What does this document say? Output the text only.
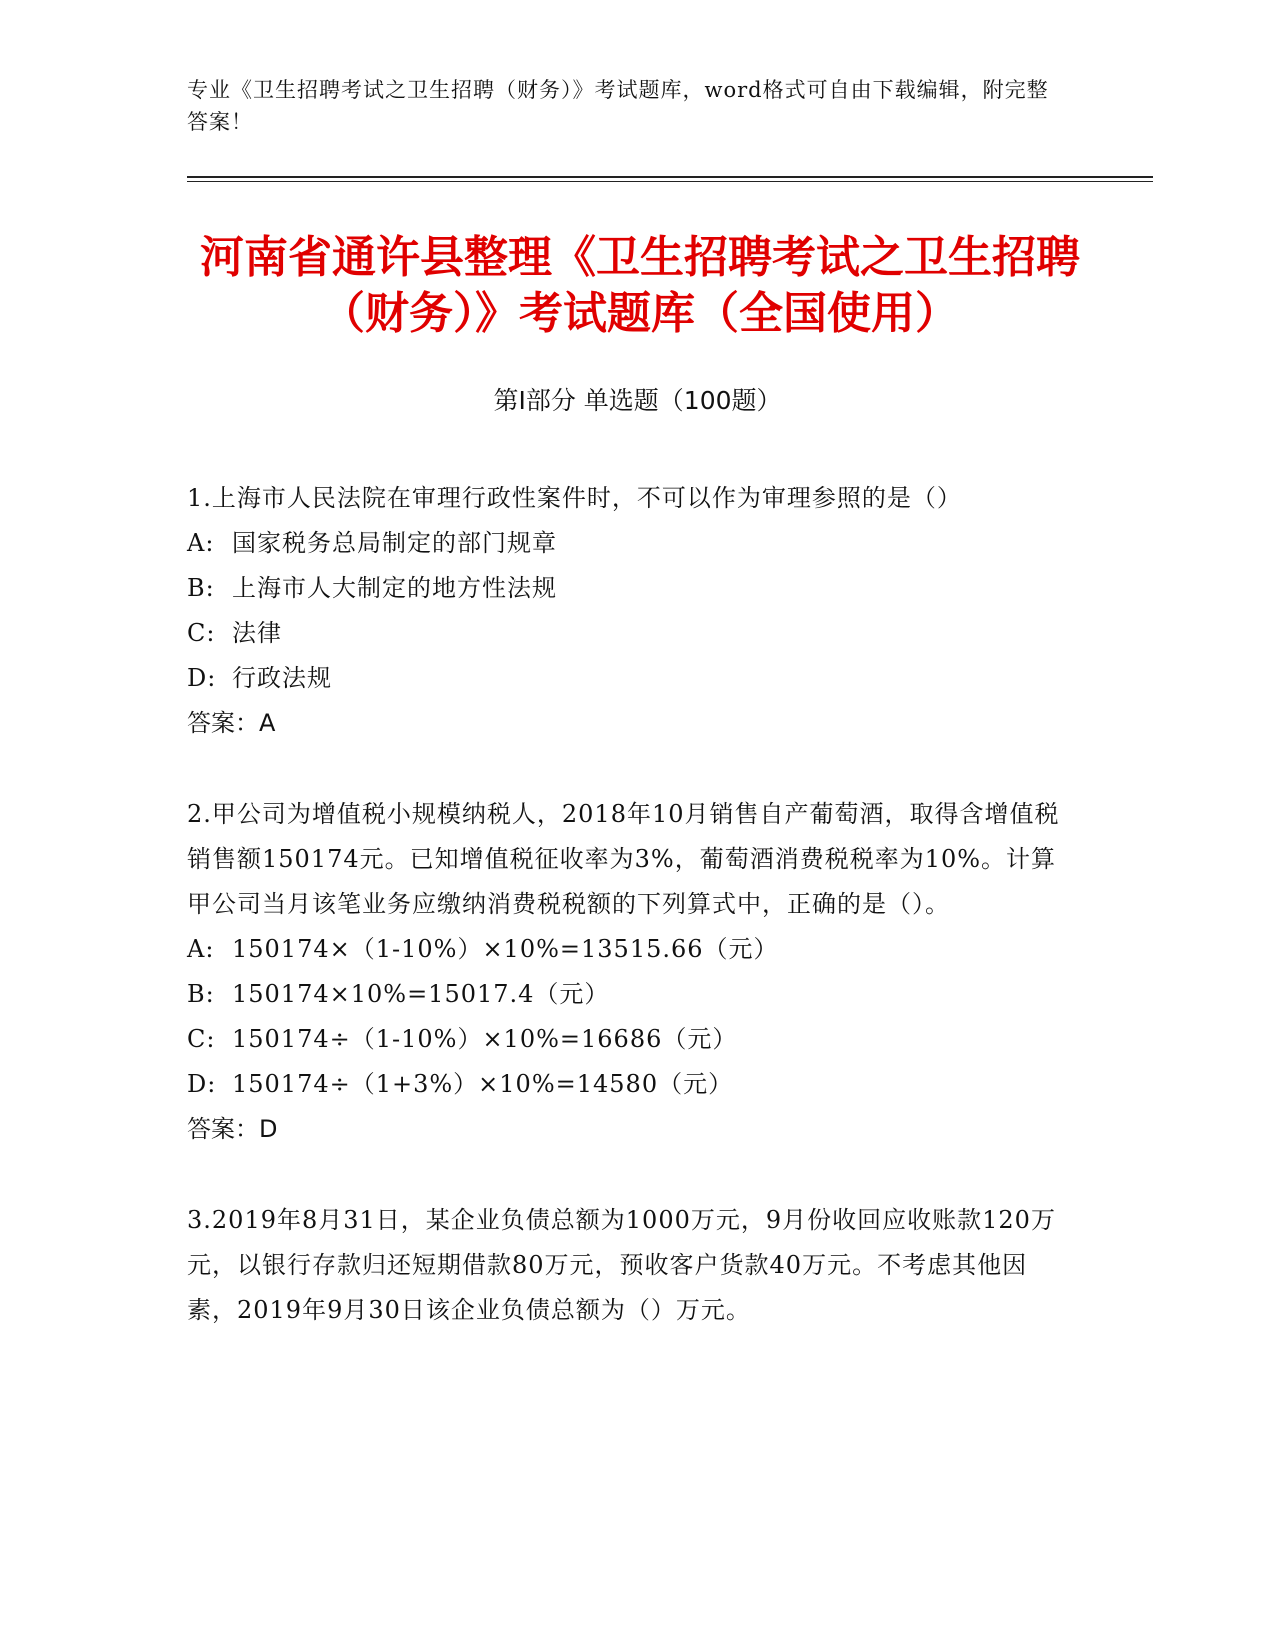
专业《卫生招聘考试之卫生招聘（财务）》考试题库，word格式可自由下载编辑，附完整答案！
河南省通许县整理《卫生招聘考试之卫生招聘（财务）》考试题库（全国使用）
第I部分 单选题（100题）

1.上海市人民法院在审理行政性案件时，不可以作为审理参照的是（）

A: 国家税务总局制定的部门规章
B: 上海市人大制定的地方性法规
C: 法律
D: 行政法规

答案：A

2.甲公司为增值税小规模纳税人，2018年10月销售自产葡萄酒，取得含增值税销售额150174元。已知增值税征收率为3%，葡萄酒消费税税率为10%。计算甲公司当月该笔业务应缴纳消费税税额的下列算式中，正确的是（）。

A: 150174×（1-10%）×10%=13515.66（元）
B: 150174×10%=15017.4（元）
C: 150174÷（1-10%）×10%=16686（元）
D: 150174÷（1+3%）×10%=14580（元）

答案：D

3.2019年8月31日，某企业负债总额为1000万元，9月份收回应收账款120万元，以银行存款归还短期借款80万元，预收客户货款40万元。不考虑其他因素，2019年9月30日该企业负债总额为（）万元。
